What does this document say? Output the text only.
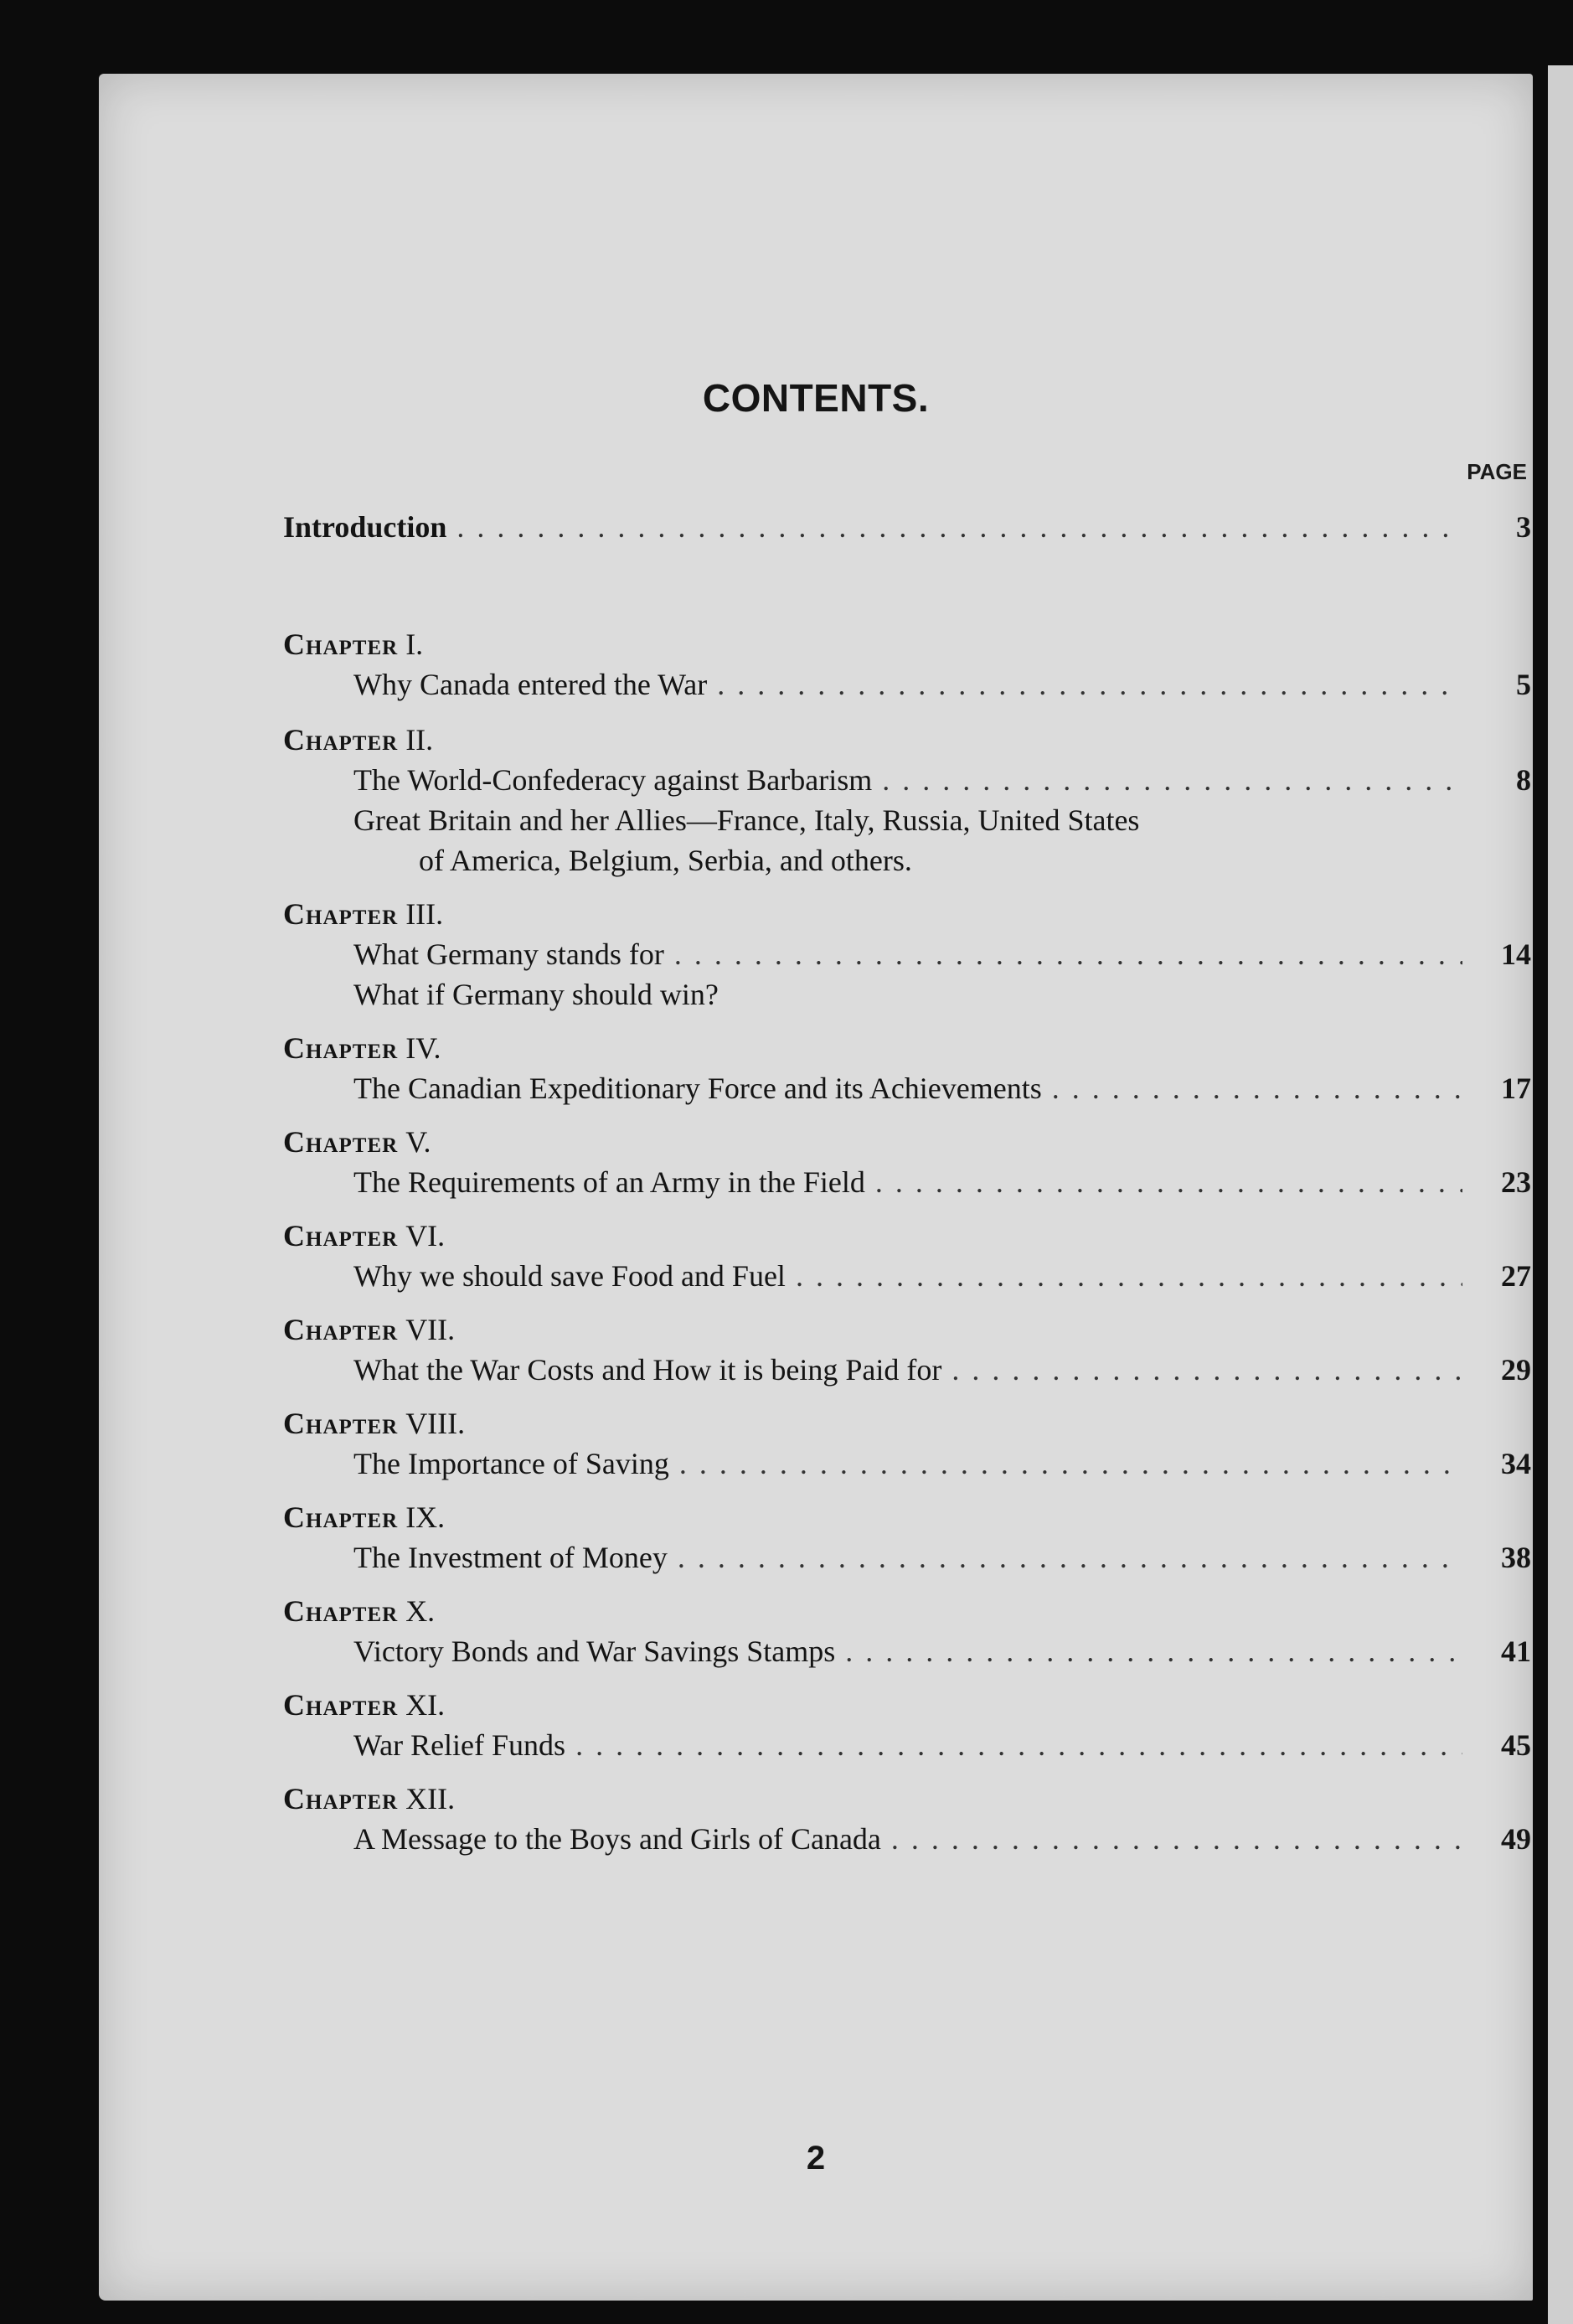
CONTENTS.
PAGE
Introduction . . .	3
Chapter
I.
Why Canada entered the War . . .	5
Chapter
II.
The World-Confederacy against Barbarism . . .	8
Great Britain and her Allies—France, Italy, Russia, United States
of America, Belgium, Serbia, and others.
Chapter
III.
What Germany stands for . . .	14
What if Germany should win?
Chapter
IV.
The Canadian Expeditionary Force and its Achievements . . .	17
Chapter
V.
The Requirements of an Army in the Field . . .	23
Chapter
VI.
Why we should save Food and Fuel . . .	27
Chapter
VII.
What the War Costs and How it is being Paid for . . .	29
Chapter
VIII.
The Importance of Saving . . .	34
Chapter
IX.
The Investment of Money . . .	38
Chapter
X.
Victory Bonds and War Savings Stamps . . .	41
Chapter
XI.
War Relief Funds . . .	45
Chapter
XII.
A Message to the Boys and Girls of Canada . . .	49
2
